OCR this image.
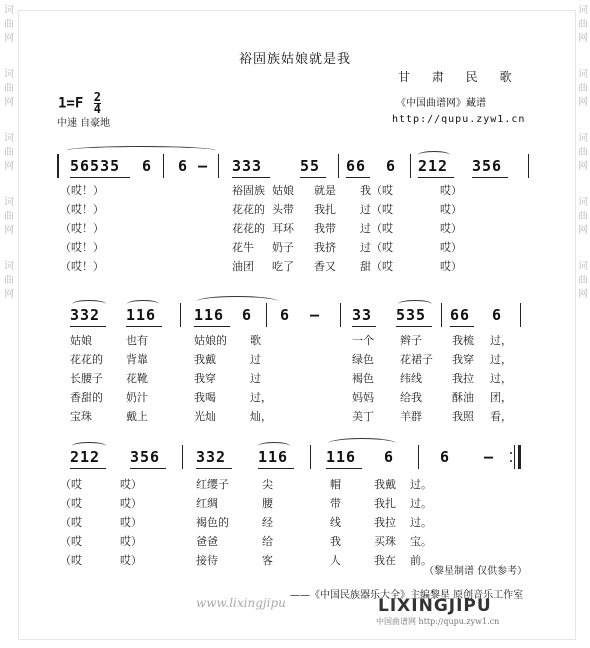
词
曲
网
词
曲
网
词
曲
网
词
曲
网
词
曲
网
词
曲
网
词
曲
网
词
曲
网
词
曲
网
词
曲
网
裕固族姑娘就是我
甘 肃 民 歌
$1=F \frac{2}{4}$
中速 自豪地
《中国曲谱网》藏谱
http://qupu.zyw1.cn
56535 6 6 — 333	55 66 6 212 356
（哎！）	裕固族 姑娘 就是 我（哎	哎）
（哎！）	花花的 头带 我扎 过（哎	哎）
（哎！）	花花的 耳环 我带 过（哎	哎）
（哎！）	花牛 奶子 我挤 过（哎	哎）
（哎！）	油团 吃了 香又 甜（哎	哎）
332 116	116 6 6 — 33 535 66 6
姑娘	也有	姑娘的 歌	一个 辫子	我梳 过，
花花的 背靠	我戴	过	绿色 花裙子 我穿 过，
长腰子 花靴	我穿	过	褐色 纬线	我拉 过，
香甜的 奶汁	我喝	过，	妈妈 给我	酥油 团，
宝珠	戴上	光灿	灿，	美丁 羊群	我照 看，
212 356 332 116	116 6	6 —
（哎	哎）	红缨子	尖	帽	我戴 过。
（哎	哎）	红绸	腰	带	我扎 过。
（哎	哎）	褐色的	经	线	我拉 过。
（哎	哎）	爸爸	给	我	买珠 宝。
（哎	哎）	接待	客	人	我在 前。
（黎星制谱 仅供参考）
www.lixingjipu
——《中国民族器乐大全》主编黎星 原创音乐工作室
LIXINGJIPU
中国曲谱网 http://qupu.zyw1.cn
